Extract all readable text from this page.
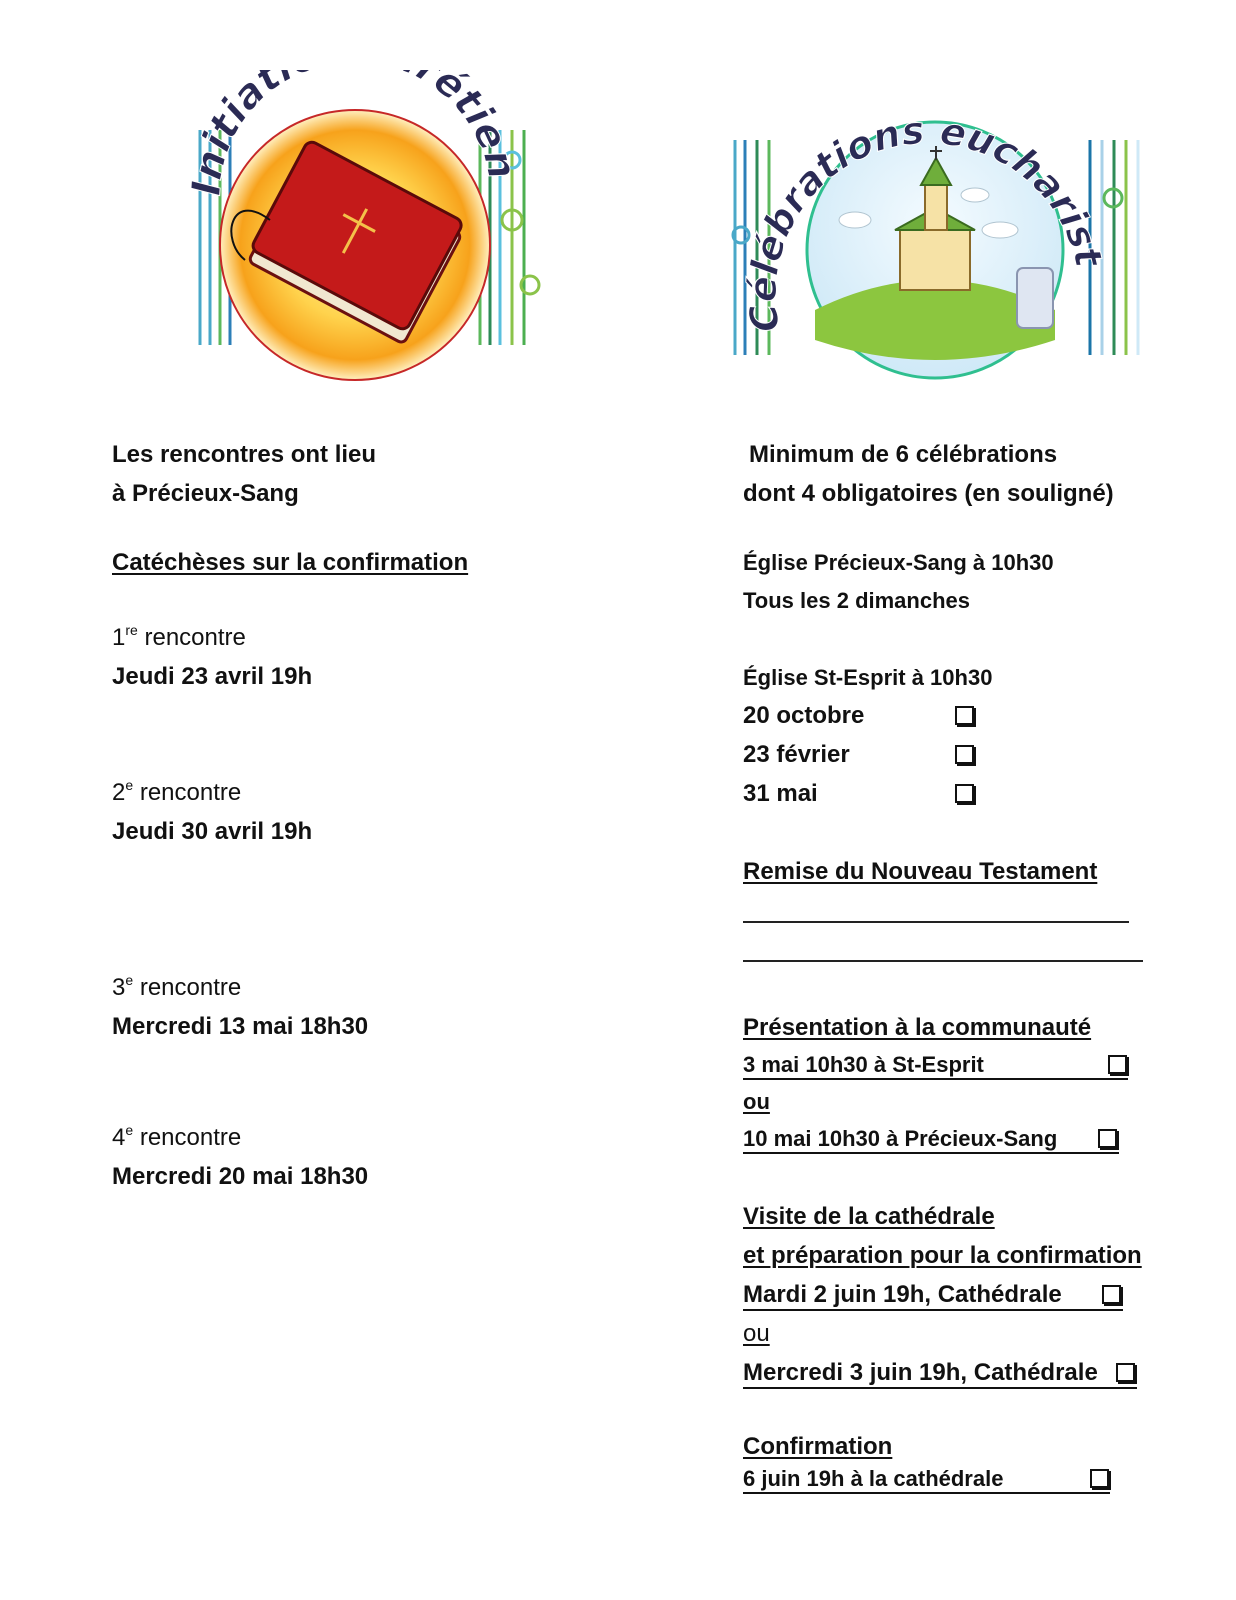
itiat étien
Célébrations eucharist
Les rencontres ont lieu
à Précieux-Sang
Catéchèses sur la confirmation
1re rencontre
Jeudi 23 avril 19h
2e rencontre
Jeudi 30 avril 19h
3e rencontre
Mercredi 13 mai 18h30
4e rencontre
Mercredi 20 mai 18h30
Minimum de 6 célébrations
dont 4 obligatoires (en souligné)
Église Précieux-Sang à 10h30
Tous les 2 dimanches
Église St-Esprit à 10h30
20 octobre
23 février
31 mai
Remise du Nouveau Testament
Présentation à la communauté
3 mai 10h30 à St-Esprit
ou
10 mai 10h30 à Précieux-Sang
Visite de la cathédrale
et préparation pour la confirmation
Mardi 2 juin 19h, Cathédrale
ou
Mercredi 3 juin 19h, Cathédrale
Confirmation
6 juin 19h à la cathédrale
